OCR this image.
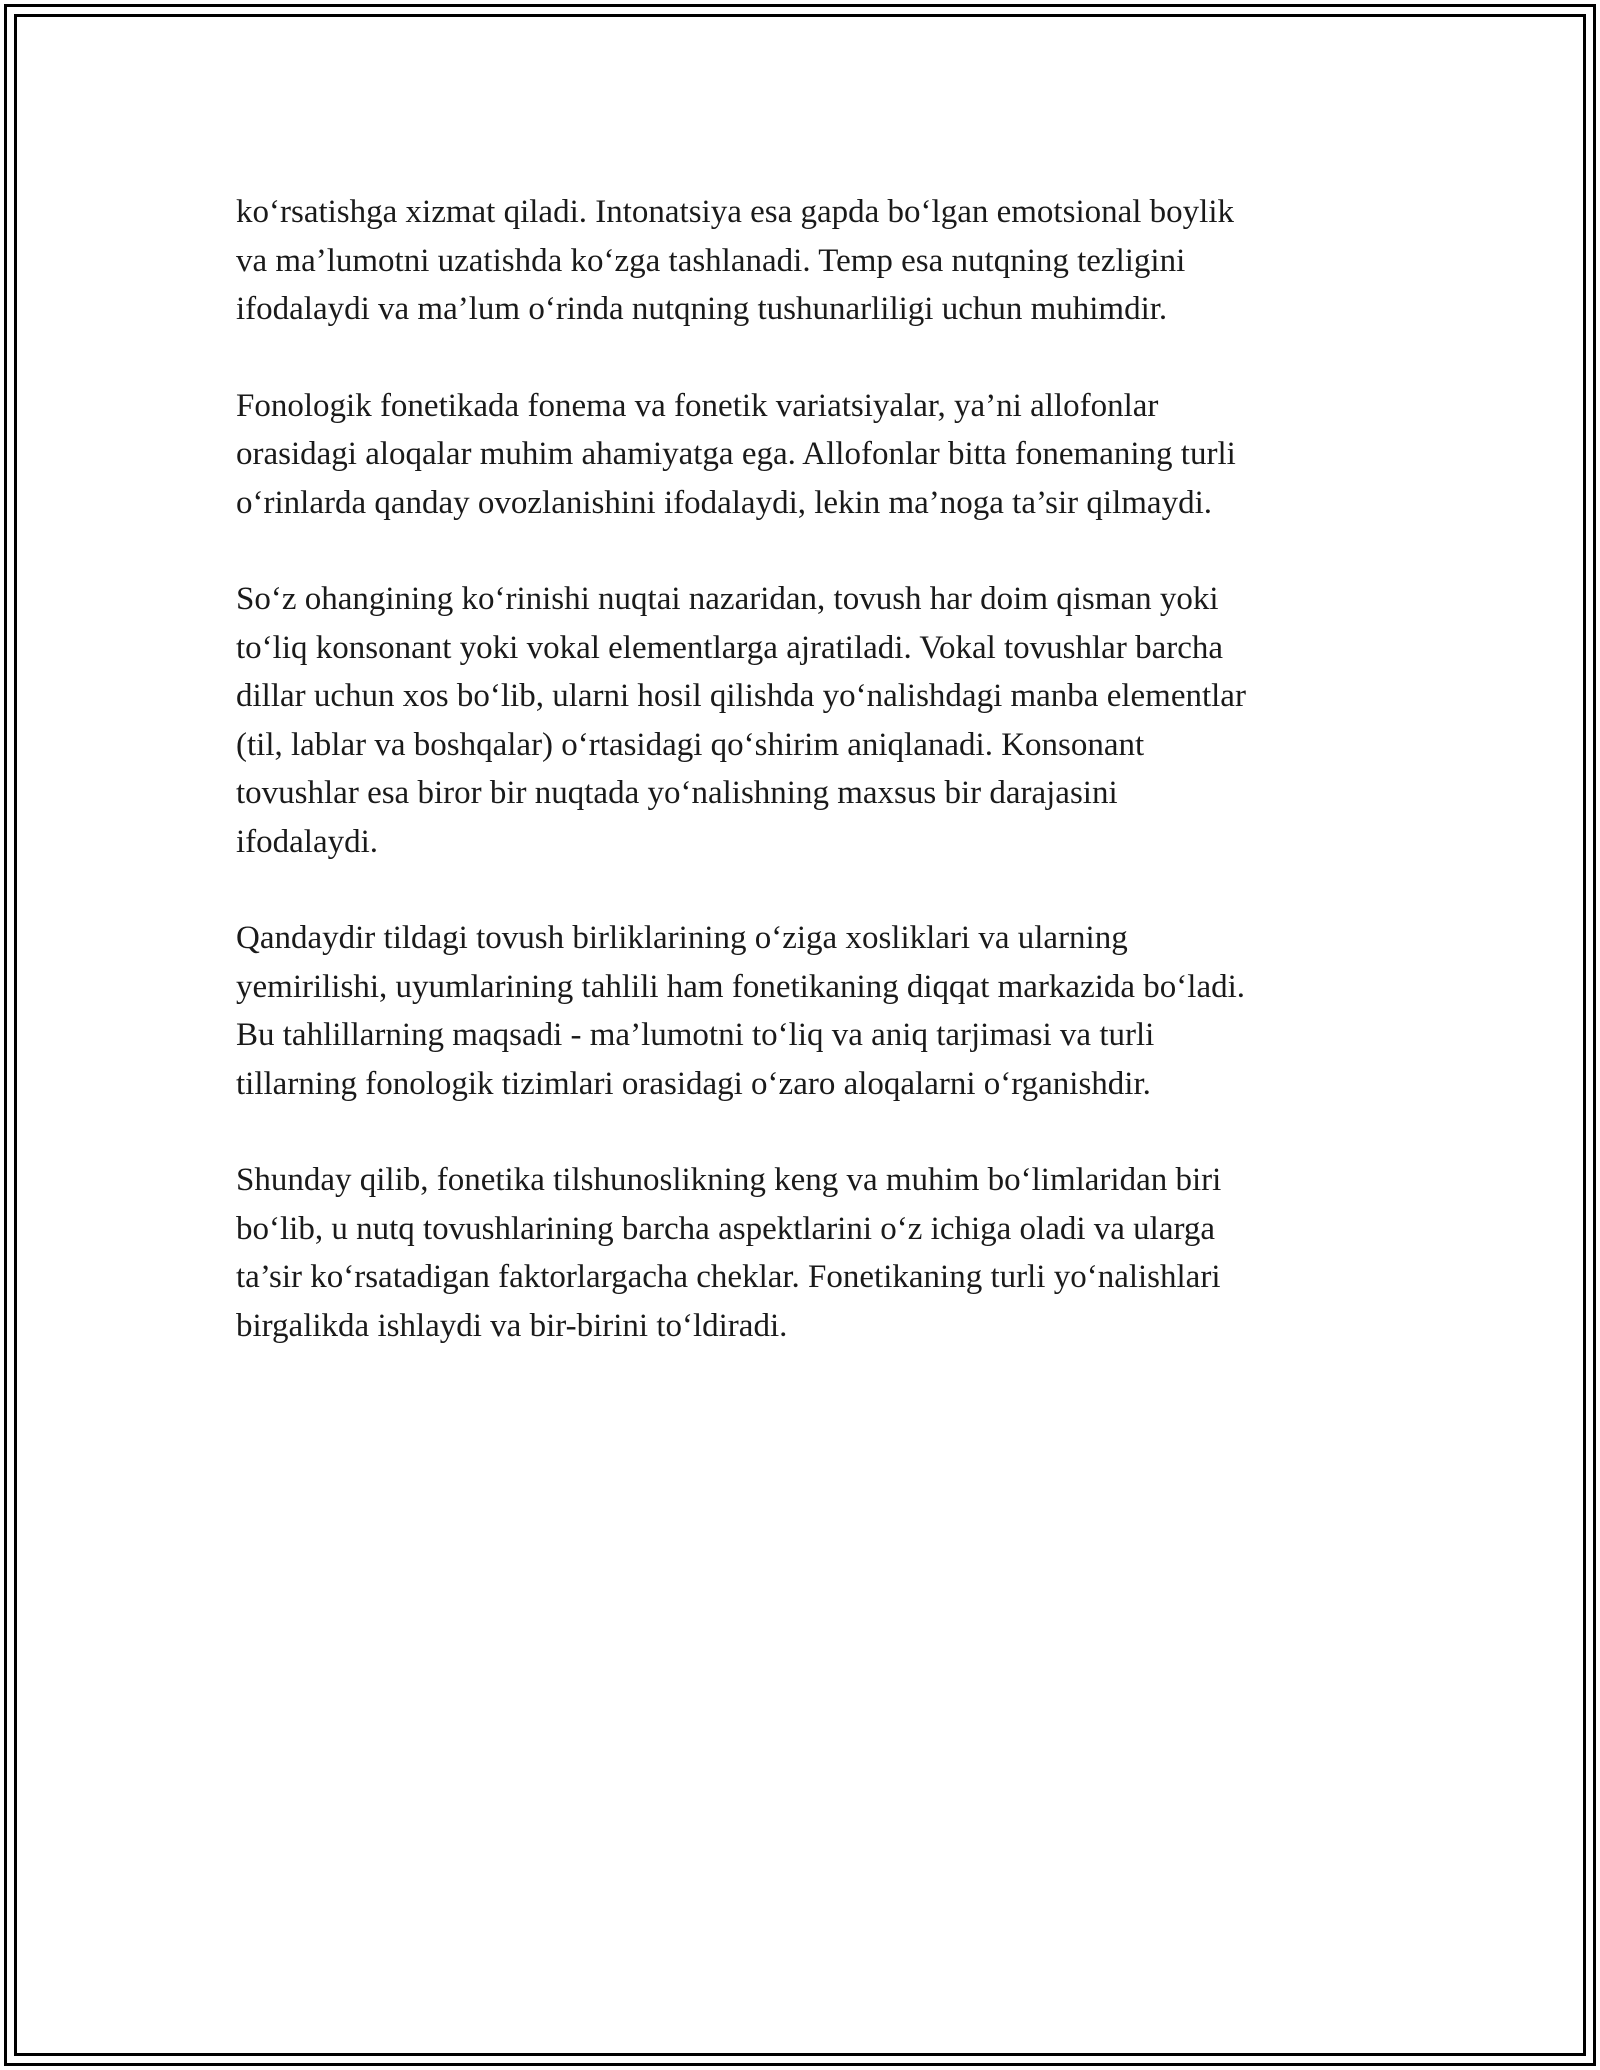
ko‘rsatishga xizmat qiladi. Intonatsiya esa gapda bo‘lgan emotsional boylik
va ma’lumotni uzatishda ko‘zga tashlanadi. Temp esa nutqning tezligini
ifodalaydi va ma’lum o‘rinda nutqning tushunarliligi uchun muhimdir.

Fonologik fonetikada fonema va fonetik variatsiyalar, ya’ni allofonlar
orasidagi aloqalar muhim ahamiyatga ega. Allofonlar bitta fonemaning turli
o‘rinlarda qanday ovozlanishini ifodalaydi, lekin ma’noga ta’sir qilmaydi.

So‘z ohangining ko‘rinishi nuqtai nazaridan, tovush har doim qisman yoki
to‘liq konsonant yoki vokal elementlarga ajratiladi. Vokal tovushlar barcha
dillar uchun xos bo‘lib, ularni hosil qilishda yo‘nalishdagi manba elementlar
(til, lablar va boshqalar) o‘rtasidagi qo‘shirim aniqlanadi. Konsonant
tovushlar esa biror bir nuqtada yo‘nalishning maxsus bir darajasini
ifodalaydi.

Qandaydir tildagi tovush birliklarining o‘ziga xosliklari va ularning
yemirilishi, uyumlarining tahlili ham fonetikaning diqqat markazida bo‘ladi.
Bu tahlillarning maqsadi - ma’lumotni to‘liq va aniq tarjimasi va turli
tillarning fonologik tizimlari orasidagi o‘zaro aloqalarni o‘rganishdir.

Shunday qilib, fonetika tilshunoslikning keng va muhim bo‘limlaridan biri
bo‘lib, u nutq tovushlarining barcha aspektlarini o‘z ichiga oladi va ularga
ta’sir ko‘rsatadigan faktorlargacha cheklar. Fonetikaning turli yo‘nalishlari
birgalikda ishlaydi va bir-birini to‘ldiradi.
